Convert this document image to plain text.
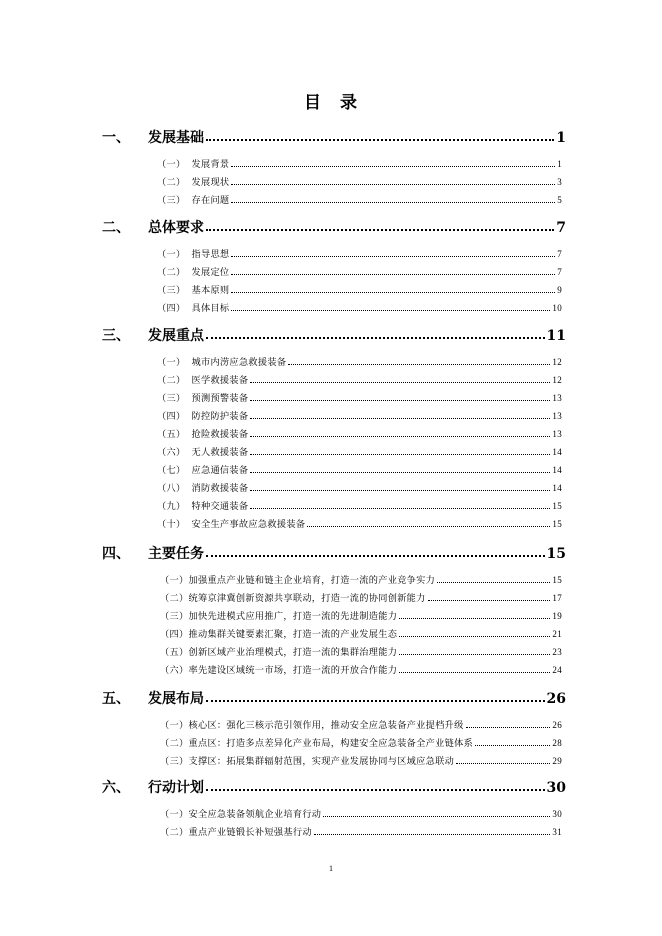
目　录
一、	发展基础	1
（一） 发展背景	1
（二） 发展现状	3
（三） 存在问题	5
二、	总体要求	7
（一） 指导思想	7
（二） 发展定位	7
（三） 基本原则	9
（四） 具体目标	10
三、	发展重点	11
（一） 城市内涝应急救援装备	12
（二） 医学救援装备	12
（三） 预测预警装备	13
（四） 防控防护装备	13
（五） 抢险救援装备	13
（六） 无人救援装备	14
（七） 应急通信装备	14
（八） 消防救援装备	14
（九） 特种交通装备	15
（十） 安全生产事故应急救援装备	15
四、	主要任务	15
（一） 加强重点产业链和链主企业培育，打造一流的产业竞争实力	15
（二） 统筹京津冀创新资源共享联动，打造一流的协同创新能力	17
（三） 加快先进模式应用推广，打造一流的先进制造能力	19
（四） 推动集群关键要素汇聚，打造一流的产业发展生态	21
（五） 创新区域产业治理模式，打造一流的集群治理能力	23
（六） 率先建设区域统一市场，打造一流的开放合作能力	24
五、	发展布局	26
（一） 核心区：强化三核示范引领作用，推动安全应急装备产业提档升级	26
（二） 重点区：打造多点差异化产业布局，构建安全应急装备全产业链体系	28
（三） 支撑区：拓展集群辐射范围，实现产业发展协同与区域应急联动	29
六、	行动计划	30
（一） 安全应急装备领航企业培育行动	30
（二） 重点产业链锻长补短强基行动	31
1
